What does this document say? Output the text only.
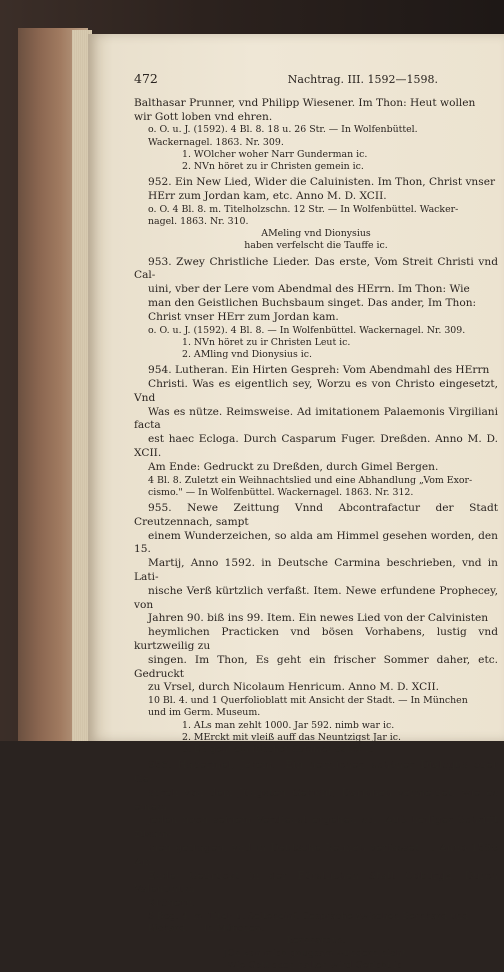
472	Nachtrag. III. 1592—1598.

Balthasar Prunner, vnd Philipp Wiesener. Im Thon: Heut wollen
wir Gott loben vnd ehren.

o. O. u. J. (1592). 4 Bl. 8. 18 u. 26 Str. — In Wolfenbüttel.
Wackernagel. 1863. Nr. 309.
1. WOlcher woher Narr Gunderman ic.
2. NVn höret zu ir Christen gemein ic.

952. Ein New Lied, Wider die Caluinisten. Im Thon, Christ vnser
HErr zum Jordan kam, etc. Anno M. D. XCII.

o. O. 4 Bl. 8. m. Titelholzschn. 12 Str. — In Wolfenbüttel. Wacker-
nagel. 1863. Nr. 310.
AMeling vnd Dionysius
haben verfelscht die Tauffe ic.

953. Zwey Christliche Lieder. Das erste, Vom Streit Christi vnd Cal-
uini, vber der Lere vom Abendmal des HErrn. Im Thon: Wie
man den Geistlichen Buchsbaum singet. Das ander, Im Thon:
Christ vnser HErr zum Jordan kam.

o. O. u. J. (1592). 4 Bl. 8. — In Wolfenbüttel. Wackernagel. Nr. 309.
1. NVn höret zu ir Christen Leut ic.
2. AMling vnd Dionysius ic.

954. Lutheran. Ein Hirten Gespreh: Vom Abendmahl des HErrn
Christi. Was es eigentlich sey, Worzu es von Christo eingesetzt, Vnd
Was es nütze. Reimsweise. Ad imitationem Palaemonis Virgiliani facta
est haec Ecloga. Durch Casparum Fuger. Dreßden. Anno M. D. XCII.
Am Ende: Gedruckt zu Dreßden, durch Gimel Bergen.

4 Bl. 8. Zuletzt ein Weihnachtslied und eine Abhandlung „Vom Exor-
cismo." — In Wolfenbüttel. Wackernagel. 1863. Nr. 312.

955. Newe Zeittung Vnnd Abcontrafactur der Stadt Creutzennach, sampt
einem Wunderzeichen, so alda am Himmel gesehen worden, den 15.
Martij, Anno 1592. in Deutsche Carmina beschrieben, vnd in Lati-
nische Verß kürtzlich verfaßt. Item. Newe erfundene Prophecey, von
Jahren 90. biß ins 99. Item. Ein newes Lied von der Calvinisten
heymlichen Practicken vnd bösen Vorhabens, lustig vnd kurtzweilig zu
singen. Im Thon, Es geht ein frischer Sommer daher, etc. Gedruckt
zu Vrsel, durch Nicolaum Henricum. Anno M. D. XCII.

10 Bl. 4. und 1 Querfolioblatt mit Ansicht der Stadt. — In München
und im Germ. Museum.
1. ALs man zehlt 1000. Jar 592. nimb war ic.
2. MErckt mit vleiß auff das Neuntzigst Jar ic.
3. ES geht ein frischer Sommer daher ic.

956. Habermel, Jerem., Ein herrlicher, schöner Dialogus oder Ge-
spreh von dem Jüngsten Gericht, Darinnen vermeldet, wie es einem
jeden nach seinem Verdienst ergehen sol. Auß heiliger Schrifft zusam-
men getragen, vnd in Deutsche Reimen verfasset . . Anno 1598 Am
Ende: Gedruckt in der Fürstlichen Statt Coburgk, Durch Valentinum
Krönern.

5 Bog. 4. m. Titel- u. Seiteneinf. Gespräche zwischen Bernhard und
Richard. — In München.
Bernhardus.
JCh kan mich gnugsam wundern nicht,
Wie Gott doch halten wird Gericht ic.
